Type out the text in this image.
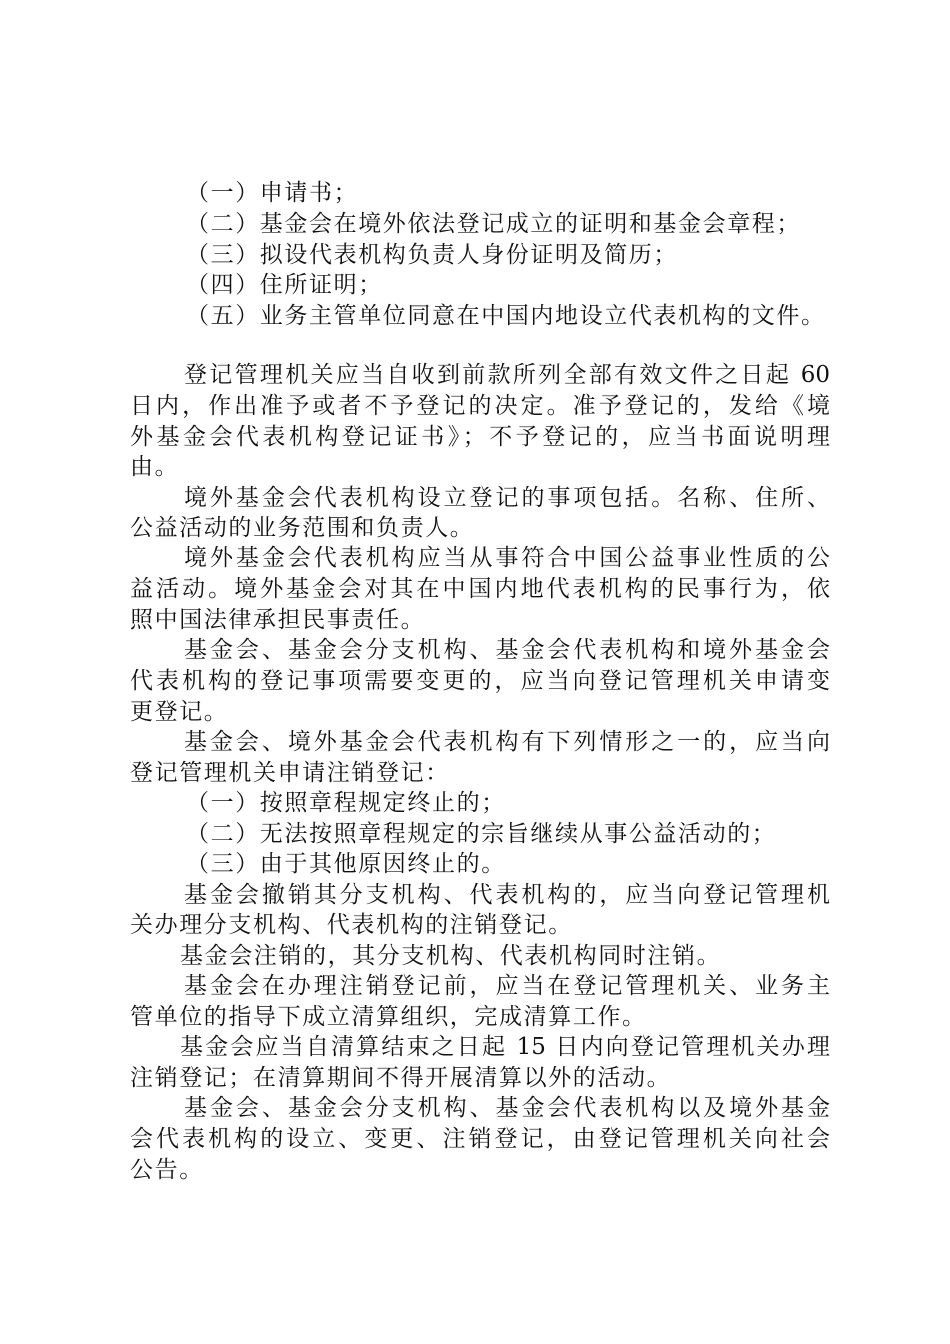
（一）申请书；
（二）基金会在境外依法登记成立的证明和基金会章程；
（三）拟设代表机构负责人身份证明及简历；
（四）住所证明；
（五）业务主管单位同意在中国内地设立代表机构的文件。
登记管理机关应当自收到前款所列全部有效文件之日起 60
日内，作出准予或者不予登记的决定。准予登记的，发给《境
外基金会代表机构登记证书》；不予登记的，应当书面说明理
由。
境外基金会代表机构设立登记的事项包括。名称、住所、
公益活动的业务范围和负责人。
境外基金会代表机构应当从事符合中国公益事业性质的公
益活动。境外基金会对其在中国内地代表机构的民事行为，依
照中国法律承担民事责任。
基金会、基金会分支机构、基金会代表机构和境外基金会
代表机构的登记事项需要变更的，应当向登记管理机关申请变
更登记。
基金会、境外基金会代表机构有下列情形之一的，应当向
登记管理机关申请注销登记：
（一）按照章程规定终止的；
（二）无法按照章程规定的宗旨继续从事公益活动的；
（三）由于其他原因终止的。
基金会撤销其分支机构、代表机构的，应当向登记管理机
关办理分支机构、代表机构的注销登记。
基金会注销的，其分支机构、代表机构同时注销。
基金会在办理注销登记前，应当在登记管理机关、业务主
管单位的指导下成立清算组织，完成清算工作。
基金会应当自清算结束之日起 15 日内向登记管理机关办理
注销登记；在清算期间不得开展清算以外的活动。
基金会、基金会分支机构、基金会代表机构以及境外基金
会代表机构的设立、变更、注销登记，由登记管理机关向社会
公告。
